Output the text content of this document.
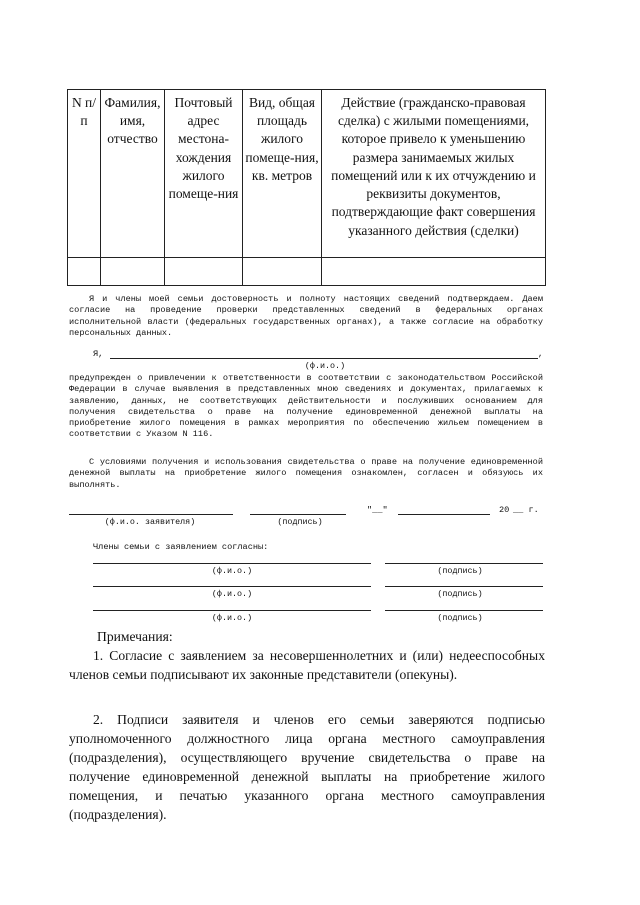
N п/п	Фамилия, имя, отчество	Почтовый адрес местона-хождения жилого помеще-ния	Вид, общая площадь жилого помеще-ния, кв. метров	Действие (гражданско-правовая сделка) с жилыми помещениями, которое привело к уменьшению размера занимаемых жилых помещений или к их отчуждению и реквизиты документов, подтверждающие факт совершения указанного действия (сделки)

Я и члены моей семьи достоверность и полноту настоящих сведений подтверждаем. Даем согласие на проведение проверки представленных сведений в федеральных органах исполнительной власти (федеральных государственных органах), а также согласие на обработку персональных данных.
Я,	,
(ф.и.о.)
предупрежден о привлечении к ответственности в соответствии с законодательством Российской Федерации в случае выявления в представленных мною сведениях и документах, прилагаемых к заявлению, данных, не соответствующих действительности и послуживших основанием для получения свидетельства о праве на получение единовременной денежной выплаты на приобретение жилого помещения в рамках мероприятия по обеспечению жильем помещением в соответствии с Указом N 116.
С условиями получения и использования свидетельства о праве на получение единовременной денежной выплаты на приобретение жилого помещения ознакомлен, согласен и обязуюсь их выполнять.
"__"	20 __ г.
(ф.и.о. заявителя)	(подпись)
Члены семьи с заявлением согласны:
(ф.и.о.)	(подпись)
(ф.и.о.)	(подпись)
(ф.и.о.)	(подпись)

Примечания:

1. Согласие с заявлением за несовершеннолетних и (или) недееспособных членов семьи подписывают их законные представители (опекуны).

2. Подписи заявителя и членов его семьи заверяются подписью уполномоченного должностного лица органа местного самоуправления (подразделения), осуществляющего вручение свидетельства о праве на получение единовременной денежной выплаты на приобретение жилого помещения, и печатью указанного органа местного самоуправления (подразделения).
